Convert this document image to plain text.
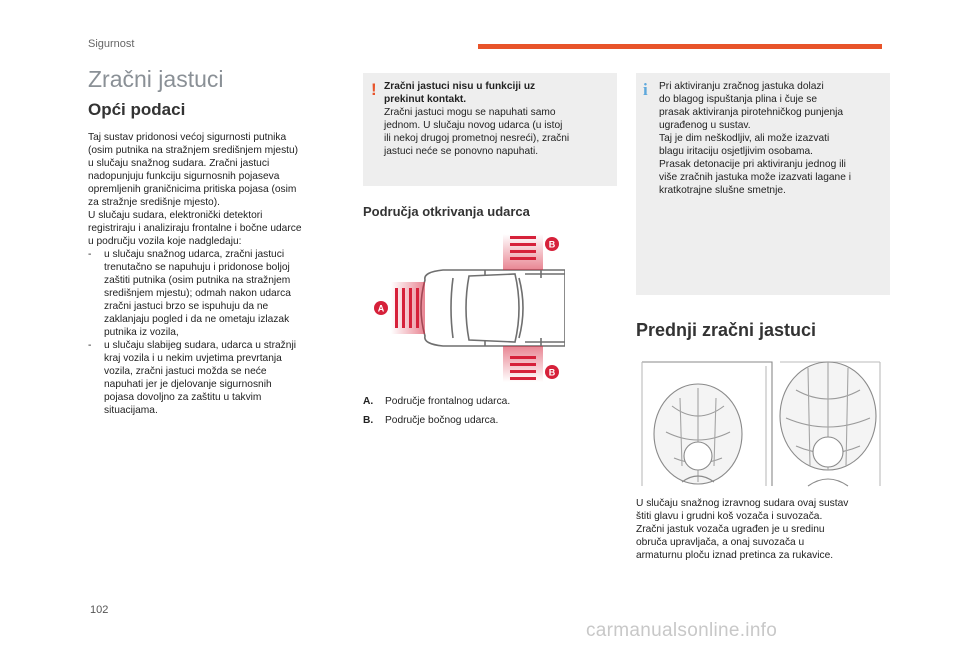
Sigurnost
Zračni jastuci
Opći podaci

Taj sustav pridonosi većoj sigurnosti putnika

(osim putnika na stražnjem središnjem mjestu)

u slučaju snažnog sudara. Zračni jastuci

nadopunjuju funkciju sigurnosnih pojaseva

opremljenih graničnicima pritiska pojasa (osim

za stražnje središnje mjesto).

U slučaju sudara, elektronički detektori

registriraju i analiziraju frontalne i bočne udarce

u području vozila koje nadgledaju:

-	u slučaju snažnog udarca, zračni jastuci

trenutačno se napuhuju i pridonose boljoj

zaštiti putnika (osim putnika na stražnjem

središnjem mjestu); odmah nakon udarca

zračni jastuci brzo se ispuhuju da ne

zaklanjaju pogled i da ne ometaju izlazak

putnika iz vozila,

-	u slučaju slabijeg sudara, udarca u stražnji

kraj vozila i u nekim uvjetima prevrtanja

vozila, zračni jastuci možda se neće

napuhati jer je djelovanje sigurnosnih

pojasa dovoljno za zaštitu u takvim

situacijama.

! Zračni jastuci nisu u funkciji uz
prekinut kontakt.
Zračni jastuci mogu se napuhati samo
jednom. U slučaju novog udarca (u istoj
ili nekoj drugoj prometnoj nesreći), zračni
jastuci neće se ponovno napuhati.
i Pri aktiviranju zračnog jastuka dolazi
do blagog ispuštanja plina i čuje se
prasak aktiviranja pirotehničkog punjenja
ugrađenog u sustav.
Taj je dim neškodljiv, ali može izazvati
blagu iritaciju osjetljivim osobama.
Prasak detonacije pri aktiviranju jednog ili
više zračnih jastuka može izazvati lagane i
kratkotrajne slušne smetnje.
Područja otkrivanja udarca
A
B
B
A.	Područje frontalnog udarca.
B.	Područje bočnog udarca.
Prednji zračni jastuci
U slučaju snažnog izravnog sudara ovaj sustav
štiti glavu i grudni koš vozača i suvozača.
Zračni jastuk vozača ugrađen je u sredinu
obruča upravljača, a onaj suvozača u
armaturnu ploču iznad pretinca za rukavice.
102
carmanualsonline.info
